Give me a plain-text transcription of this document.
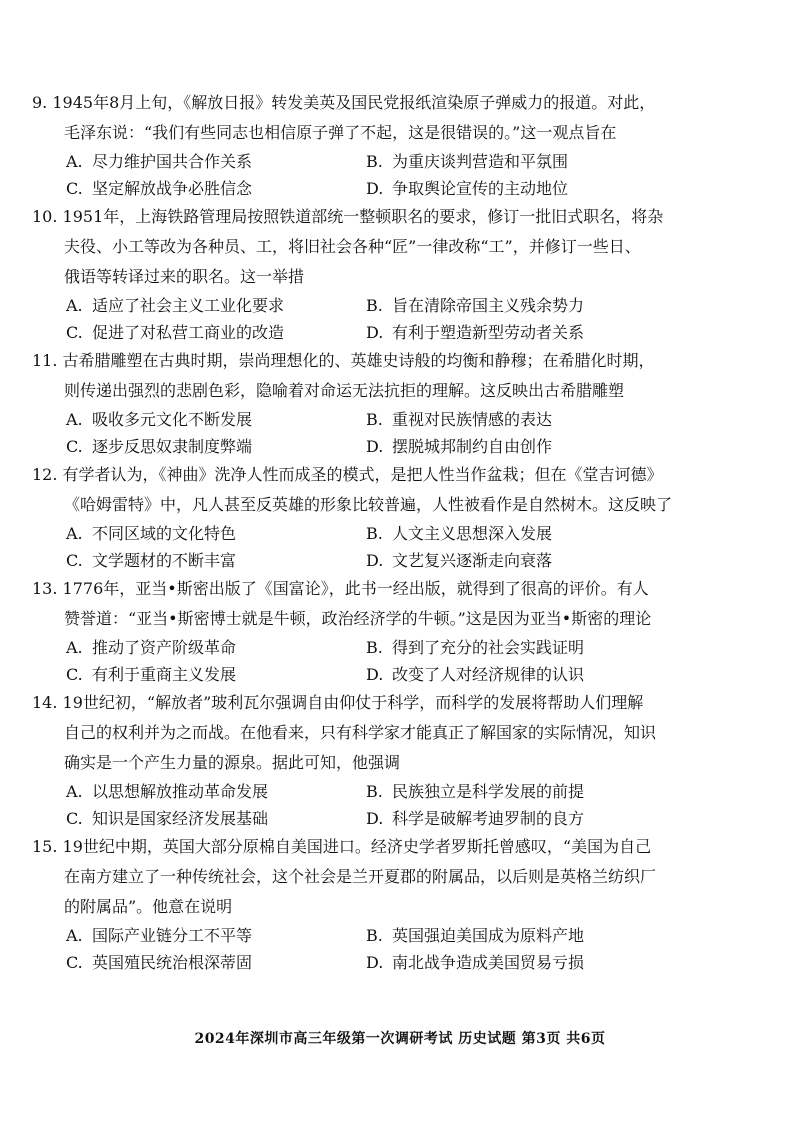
9. 1945年8月上旬，《解放日报》转发美英及国民党报纸渲染原子弹威力的报道。对此，
毛泽东说：“我们有些同志也相信原子弹了不起，这是很错误的。”这一观点旨在
A. 尽力维护国共合作关系	B. 为重庆谈判营造和平氛围
C. 坚定解放战争必胜信念	D. 争取舆论宣传的主动地位
10. 1951年，上海铁路管理局按照铁道部统一整顿职名的要求，修订一批旧式职名，将杂
夫役、小工等改为各种员、工，将旧社会各种“匠”一律改称“工”，并修订一些日、
俄语等转译过来的职名。这一举措
A. 适应了社会主义工业化要求	B. 旨在清除帝国主义残余势力
C. 促进了对私营工商业的改造	D. 有利于塑造新型劳动者关系
11. 古希腊雕塑在古典时期，崇尚理想化的、英雄史诗般的均衡和静穆；在希腊化时期，
则传递出强烈的悲剧色彩，隐喻着对命运无法抗拒的理解。这反映出古希腊雕塑
A. 吸收多元文化不断发展	B. 重视对民族情感的表达
C. 逐步反思奴隶制度弊端	D. 摆脱城邦制约自由创作
12. 有学者认为，《神曲》洗净人性而成圣的模式，是把人性当作盆栽；但在《堂吉诃德》
《哈姆雷特》中，凡人甚至反英雄的形象比较普遍，人性被看作是自然树木。这反映了
A. 不同区域的文化特色	B. 人文主义思想深入发展
C. 文学题材的不断丰富	D. 文艺复兴逐渐走向衰落
13. 1776年，亚当•斯密出版了《国富论》，此书一经出版，就得到了很高的评价。有人
赞誉道：“亚当•斯密博士就是牛顿，政治经济学的牛顿。”这是因为亚当•斯密的理论
A. 推动了资产阶级革命	B. 得到了充分的社会实践证明
C. 有利于重商主义发展	D. 改变了人对经济规律的认识
14. 19世纪初，“解放者”玻利瓦尔强调自由仰仗于科学，而科学的发展将帮助人们理解
自己的权利并为之而战。在他看来，只有科学家才能真正了解国家的实际情况，知识
确实是一个产生力量的源泉。据此可知，他强调
A. 以思想解放推动革命发展	B. 民族独立是科学发展的前提
C. 知识是国家经济发展基础	D. 科学是破解考迪罗制的良方
15. 19世纪中期，英国大部分原棉自美国进口。经济史学者罗斯托曾感叹，“美国为自己
在南方建立了一种传统社会，这个社会是兰开夏郡的附属品，以后则是英格兰纺织厂
的附属品”。他意在说明
A. 国际产业链分工不平等	B. 英国强迫美国成为原料产地
C. 英国殖民统治根深蒂固	D. 南北战争造成美国贸易亏损
2024年深圳市高三年级第一次调研考试 历史试题 第3页 共6页
